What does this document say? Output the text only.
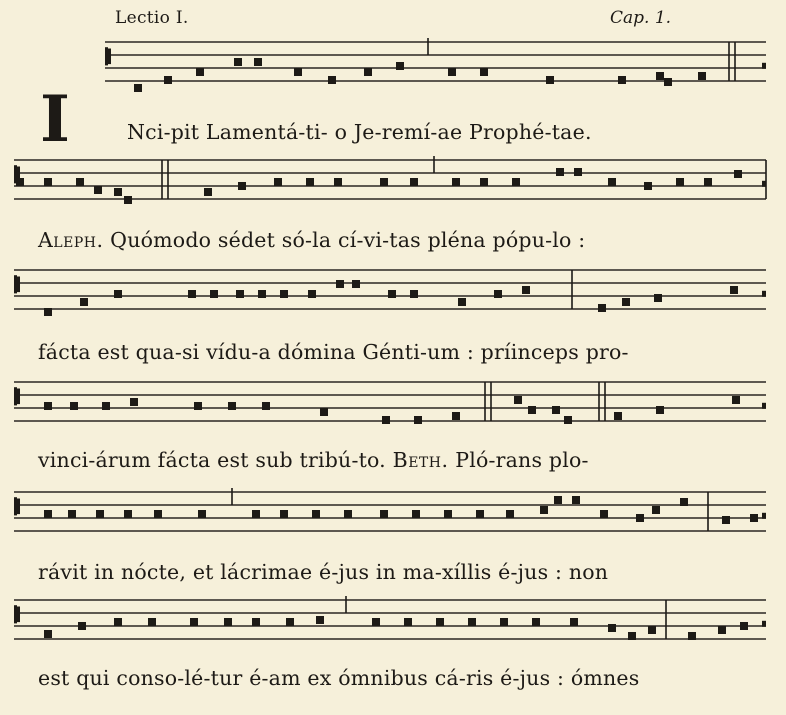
Lectio I.	Cap. 1.
I	Nci-pit Lamentá-ti- o Je-remí-ae Prophé-tae.
Aleph. Quómodo sédet só-la cí-vi-tas pléna pópu-lo :
fácta est qua-si vídu-a dómina Génti-um : príinceps pro-
vinci-árum fácta est sub tribú-to. Beth. Pló-rans plo-
rávit in nócte, et lácrimae é-jus in ma-xíllis é-jus : non
est qui conso-lé-tur é-am ex ómnibus cá-ris é-jus : ómnes
